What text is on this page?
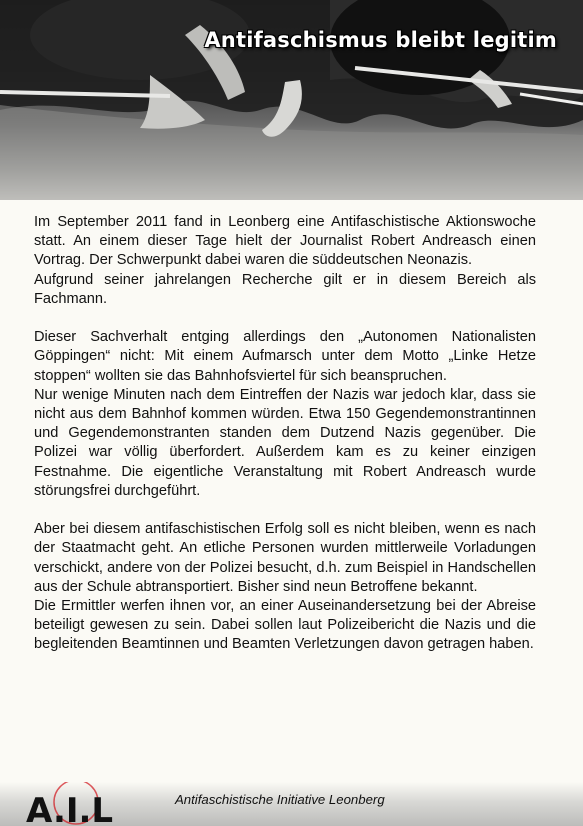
Antifaschismus bleibt legitim

Im September 2011 fand in Leonberg eine Antifaschistische Aktionswoche statt. An einem dieser Tage hielt der Journalist Robert Andreasch einen Vortrag. Der Schwerpunkt dabei waren die süddeutschen Neonazis.

Aufgrund seiner jahrelangen Recherche gilt er in diesem Bereich als Fachmann.

Dieser Sachverhalt entging allerdings den „Autonomen Nationalisten Göppingen“ nicht: Mit einem Aufmarsch unter dem Motto „Linke Hetze stoppen“ wollten sie das Bahnhofsviertel für sich beanspruchen.

Nur wenige Minuten nach dem Eintreffen der Nazis war jedoch klar, dass sie nicht aus dem Bahnhof kommen würden. Etwa 150 Gegendemonstrantinnen und Gegendemonstranten standen dem Dutzend Nazis gegenüber. Die Polizei war völlig überfordert. Außerdem kam es zu keiner einzigen Festnahme. Die eigentliche Veranstaltung mit Robert Andreasch wurde störungsfrei durchgeführt.

Aber bei diesem antifaschistischen Erfolg soll es nicht bleiben, wenn es nach der Staatmacht geht. An etliche Personen wurden mittlerweile Vorladungen verschickt, andere von der Polizei besucht, d.h. zum Beispiel in Handschellen aus der Schule abtransportiert. Bisher sind neun Betroffene bekannt.

Die Ermittler werfen ihnen vor, an einer Auseinandersetzung bei der Abreise beteiligt gewesen zu sein. Dabei sollen laut Polizeibericht die Nazis und die begleitenden Beamtinnen und Beamten Verletzungen davon getragen haben.

A.I.L	Antifaschistische Initiative Leonberg
